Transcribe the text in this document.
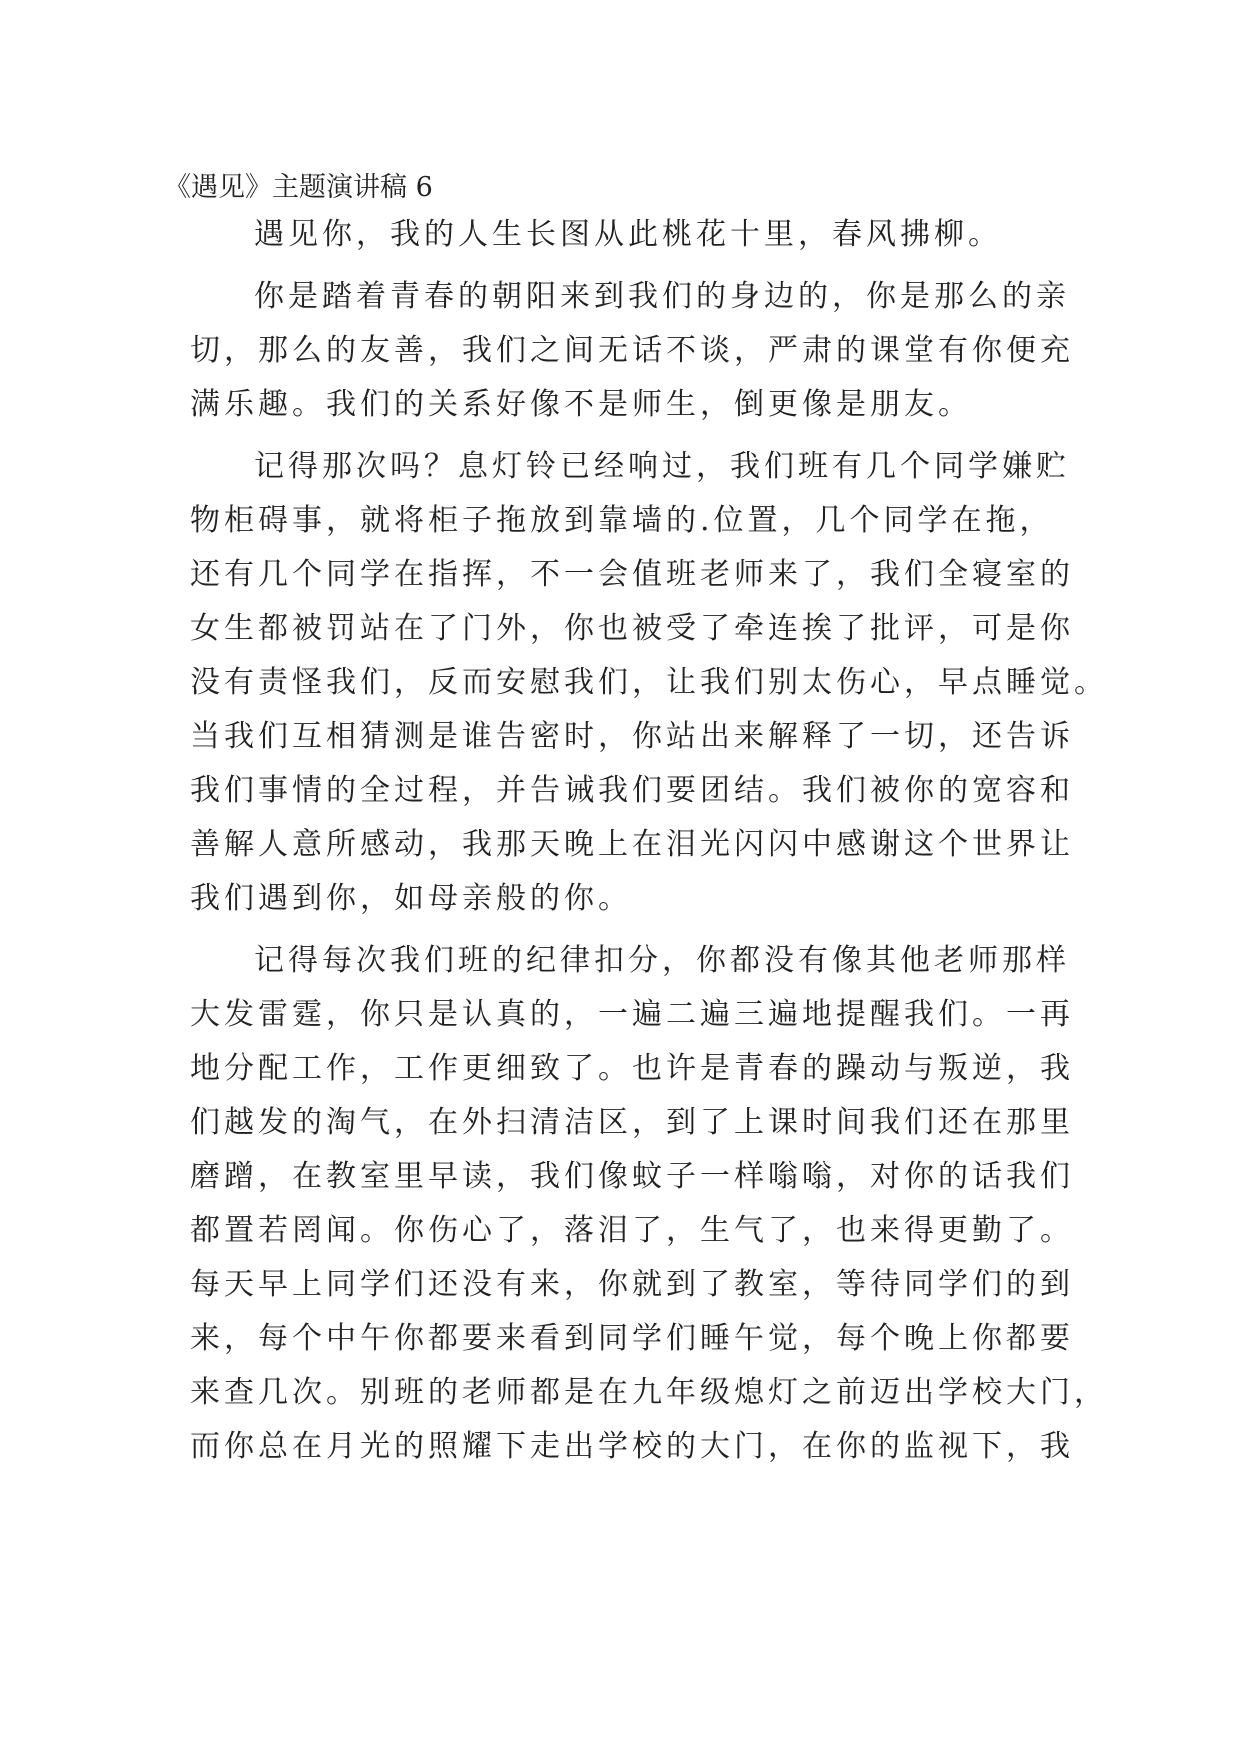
《遇见》主题演讲稿 6
遇见你，我的人生长图从此桃花十里，春风拂柳。
你是踏着青春的朝阳来到我们的身边的，你是那么的亲
切，那么的友善，我们之间无话不谈，严肃的课堂有你便充
满乐趣。我们的关系好像不是师生，倒更像是朋友。
记得那次吗？息灯铃已经响过，我们班有几个同学嫌贮
物柜碍事，就将柜子拖放到靠墙的.位置，几个同学在拖，
还有几个同学在指挥，不一会值班老师来了，我们全寝室的
女生都被罚站在了门外，你也被受了牵连挨了批评，可是你
没有责怪我们，反而安慰我们，让我们别太伤心，早点睡觉。
当我们互相猜测是谁告密时，你站出来解释了一切，还告诉
我们事情的全过程，并告诫我们要团结。我们被你的宽容和
善解人意所感动，我那天晚上在泪光闪闪中感谢这个世界让
我们遇到你，如母亲般的你。
记得每次我们班的纪律扣分，你都没有像其他老师那样
大发雷霆，你只是认真的，一遍二遍三遍地提醒我们。一再
地分配工作，工作更细致了。也许是青春的躁动与叛逆，我
们越发的淘气，在外扫清洁区，到了上课时间我们还在那里
磨蹭，在教室里早读，我们像蚊子一样嗡嗡，对你的话我们
都置若罔闻。你伤心了，落泪了，生气了，也来得更勤了。
每天早上同学们还没有来，你就到了教室，等待同学们的到
来，每个中午你都要来看到同学们睡午觉，每个晚上你都要
来查几次。别班的老师都是在九年级熄灯之前迈出学校大门，
而你总在月光的照耀下走出学校的大门，在你的监视下，我
